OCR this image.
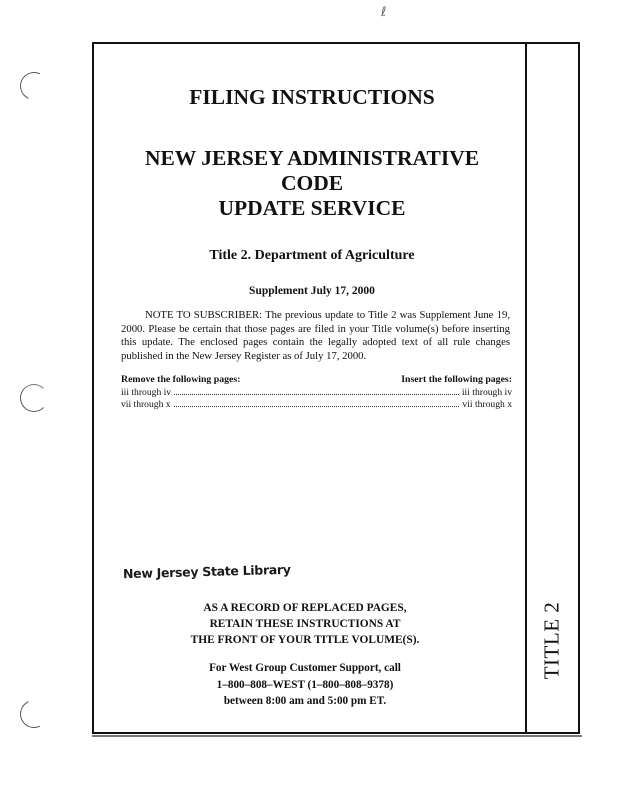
ℓ
TITLE 2
FILING INSTRUCTIONS
NEW JERSEY ADMINISTRATIVE CODE
UPDATE SERVICE
Title 2. Department of Agriculture
Supplement July 17, 2000

NOTE TO SUBSCRIBER: The previous update to Title 2 was Supplement June 19, 2000. Please be certain that those pages are filed in your Title volume(s) before inserting this update. The enclosed pages contain the legally adopted text of all rule changes published in the New Jersey Register as of July 17, 2000.

Remove the following pages:	Insert the following pages:
iii through iv	iii through iv
vii through x	vii through x
New Jersey State Library
AS A RECORD OF REPLACED PAGES,
RETAIN THESE INSTRUCTIONS AT
THE FRONT OF YOUR TITLE VOLUME(S).
For West Group Customer Support, call
1–800–808–WEST (1–800–808–9378)
between 8:00 am and 5:00 pm ET.
